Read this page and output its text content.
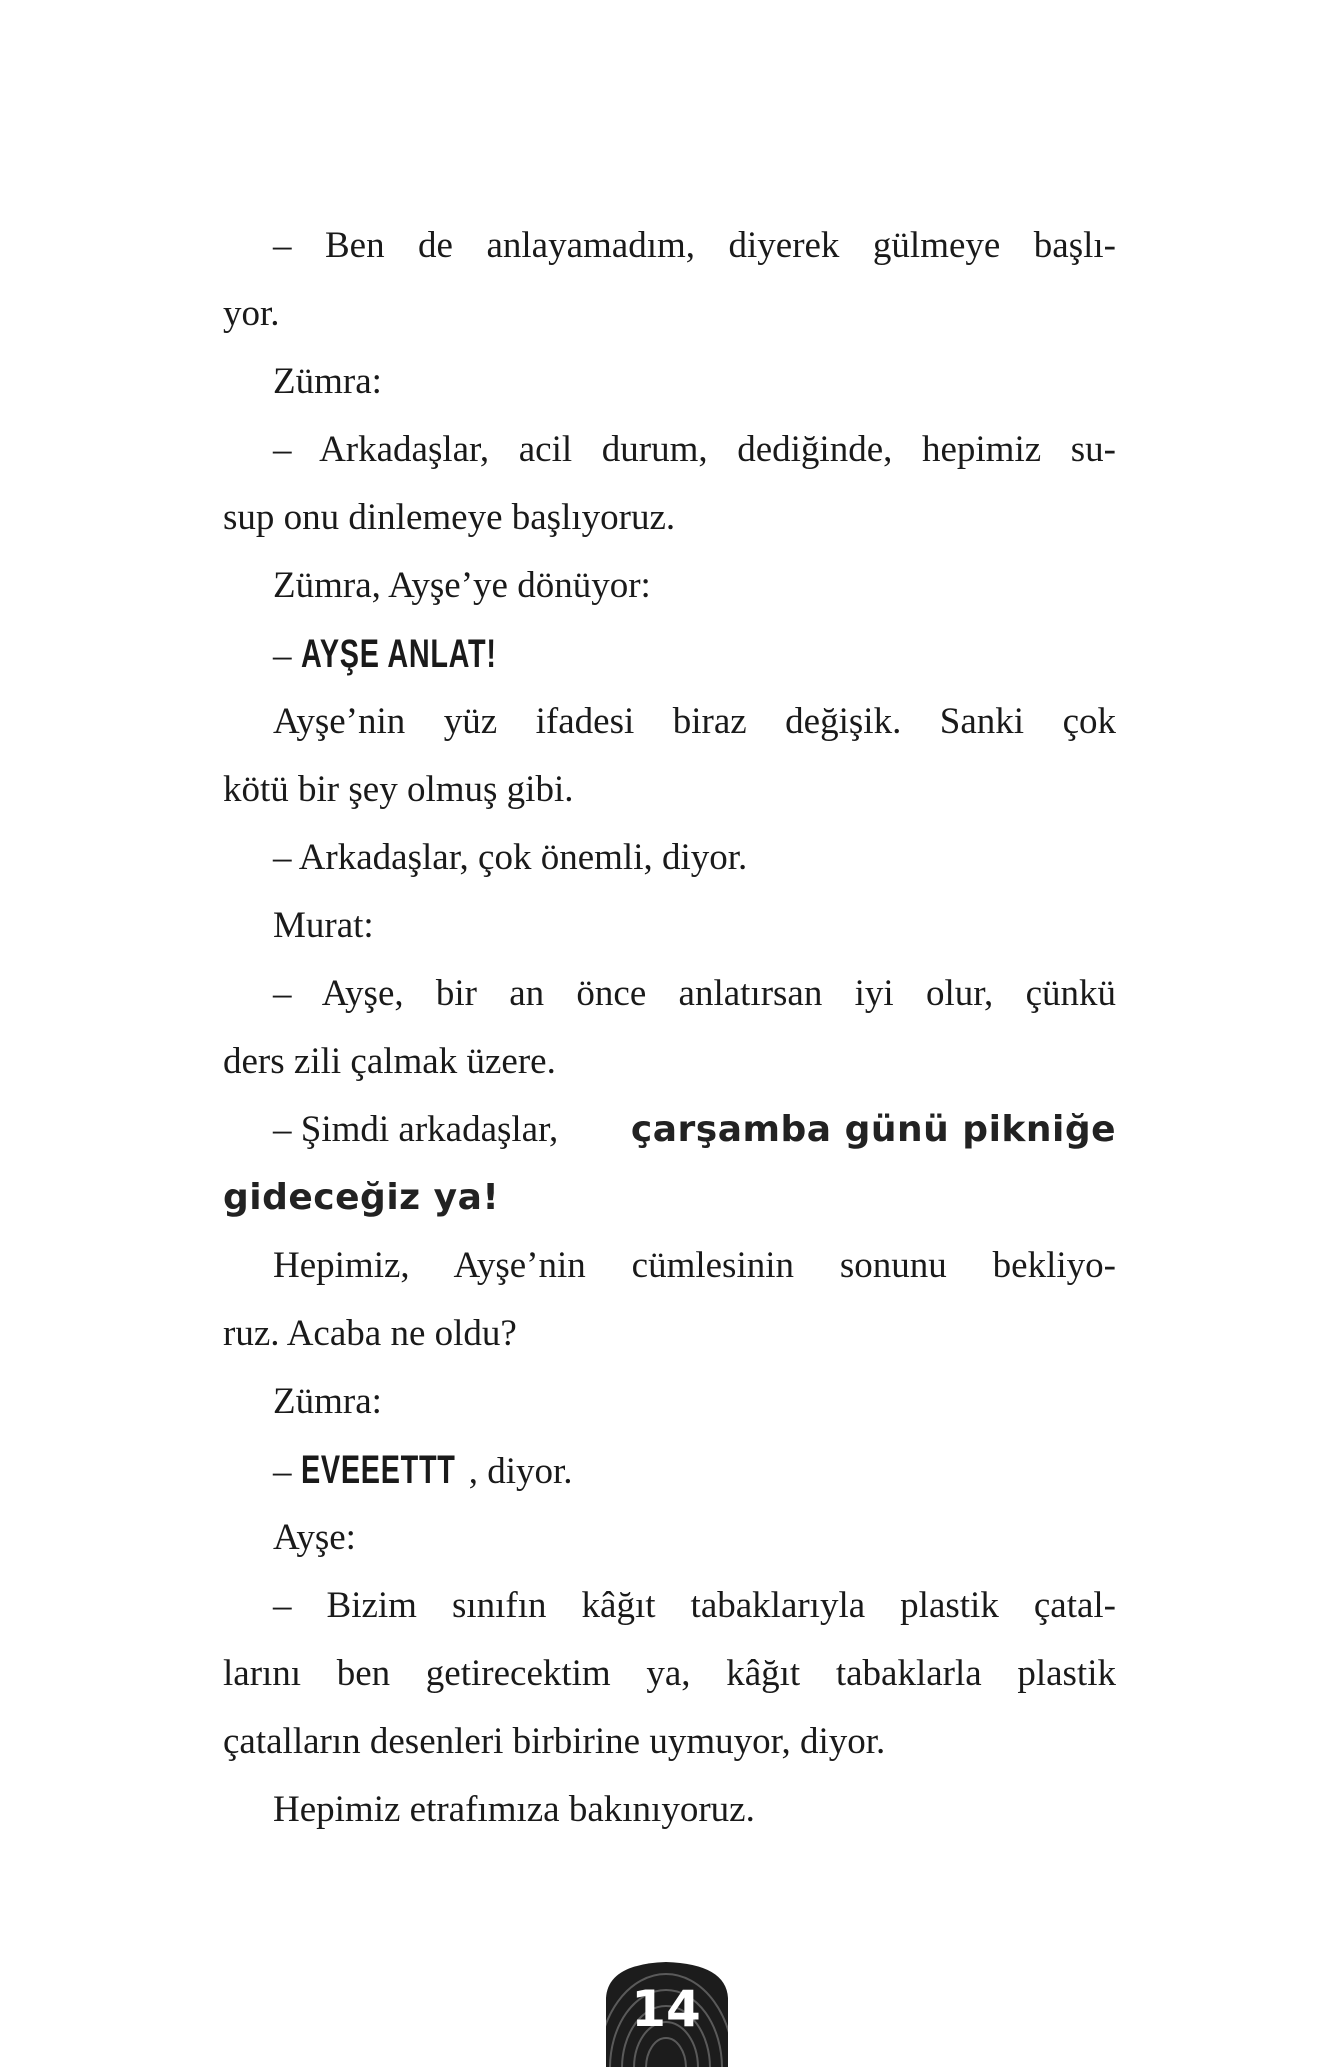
– Ben de anlayamadım, diyerek gülmeye başlı-
yor.
Zümra:
– Arkadaşlar, acil durum, dediğinde, hepimiz su-
sup onu dinlemeye başlıyoruz.
Zümra, Ayşe’ye dönüyor:
– AYŞE ANLAT!
Ayşe’nin yüz ifadesi biraz değişik. Sanki çok
kötü bir şey olmuş gibi.
– Arkadaşlar, çok önemli, diyor.
Murat:
– Ayşe, bir an önce anlatırsan iyi olur, çünkü
ders zili çalmak üzere.
– Şimdi arkadaşlar, çarşamba günü pikniğe
gideceğiz ya!
Hepimiz, Ayşe’nin cümlesinin sonunu bekliyo-
ruz. Acaba ne oldu?
Zümra:
– EVEEETTT , diyor.
Ayşe:
– Bizim sınıfın kâğıt tabaklarıyla plastik çatal-
larını ben getirecektim ya, kâğıt tabaklarla plastik
çatalların desenleri birbirine uymuyor, diyor.
Hepimiz etrafımıza bakınıyoruz.
14
